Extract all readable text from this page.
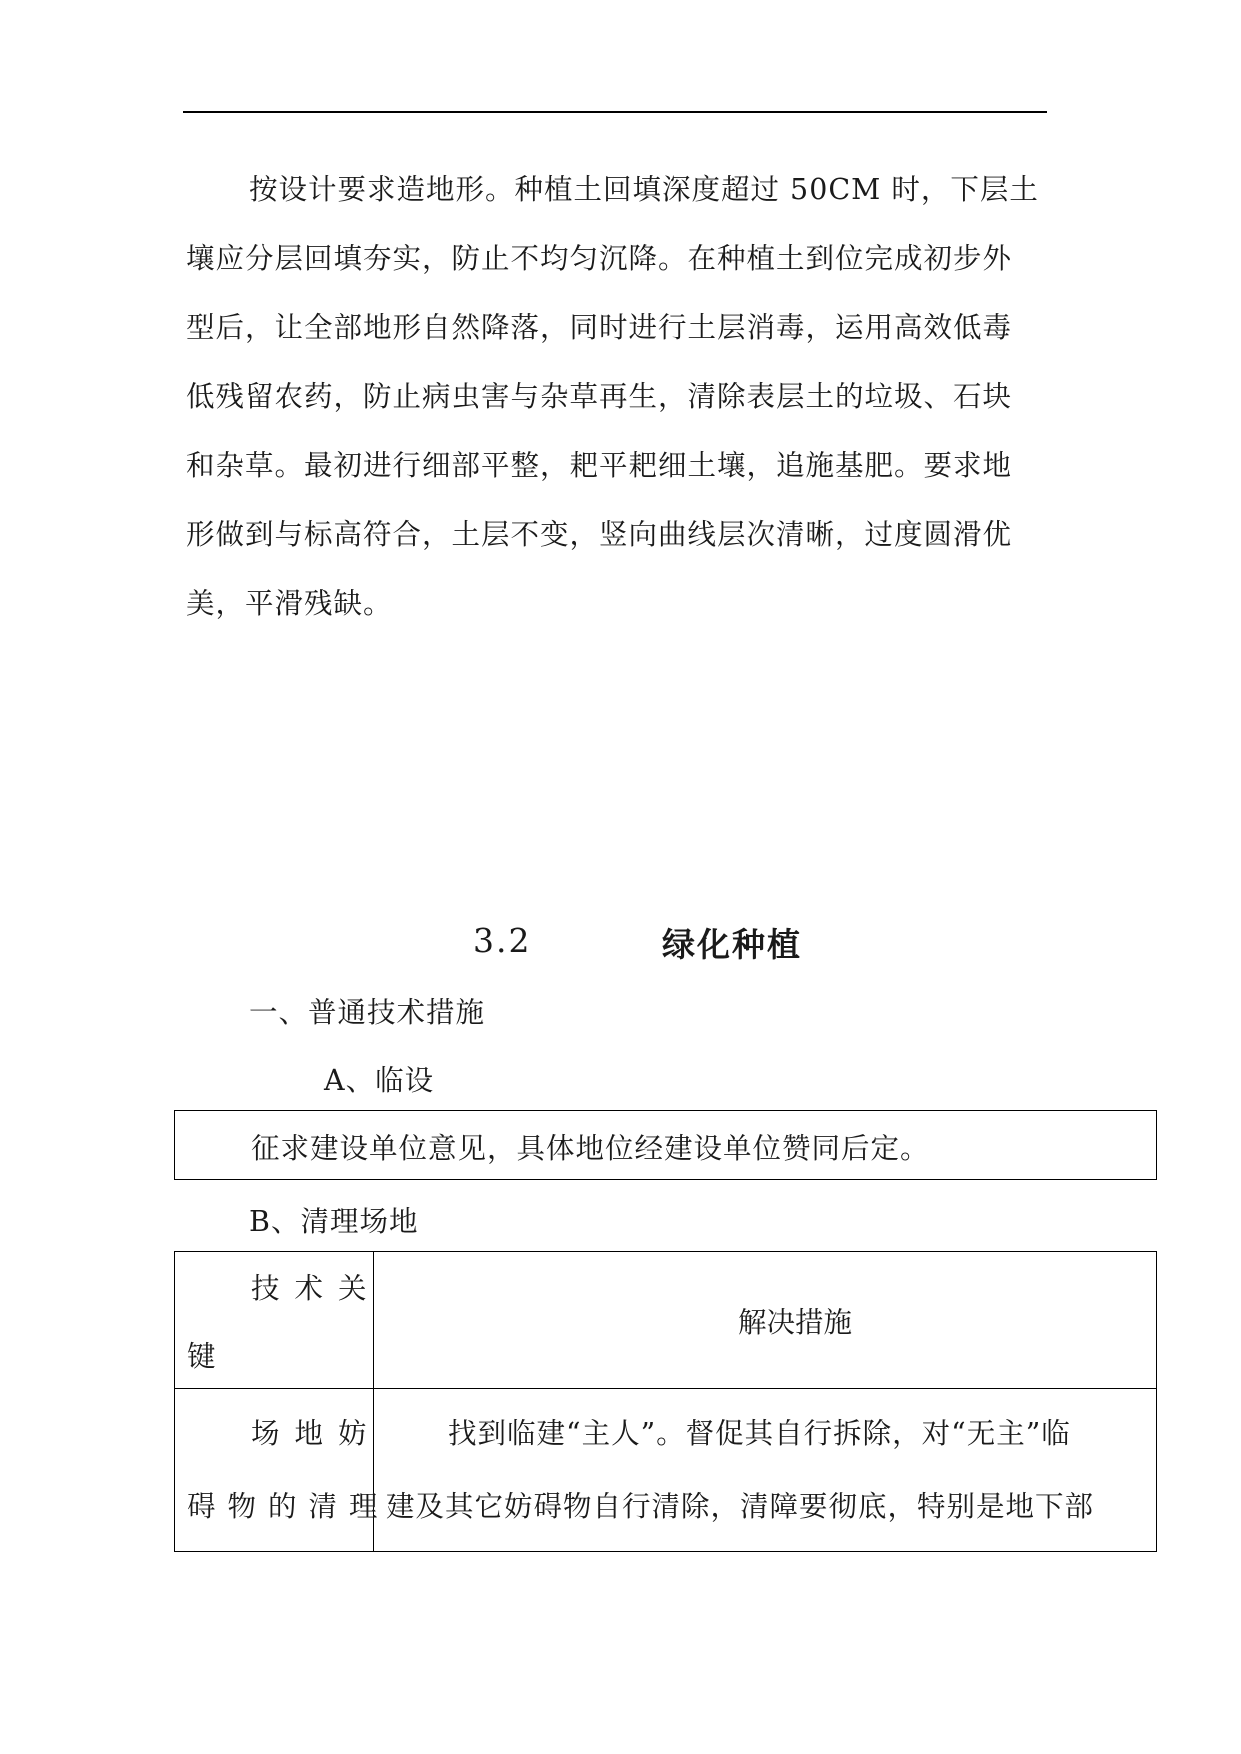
按设计要求造地形。种植土回填深度超过 50CM 时，下层土
壤应分层回填夯实，防止不均匀沉降。在种植土到位完成初步外
型后，让全部地形自然降落，同时进行土层消毒，运用高效低毒
低残留农药，防止病虫害与杂草再生，清除表层土的垃圾、石块
和杂草。最初进行细部平整，耙平耙细土壤，追施基肥。要求地
形做到与标高符合，土层不变，竖向曲线层次清晰，过度圆滑优
美，平滑残缺。
3.2	绿化种植
一、普通技术措施
A、临设
征求建设单位意见，具体地位经建设单位赞同后定。
B、清理场地
技术关
键	解决措施

场地妨
碍物的清理	找到临建“主人”。督促其自行拆除，对“无主”临
建及其它妨碍物自行清除，清障要彻底，特别是地下部
